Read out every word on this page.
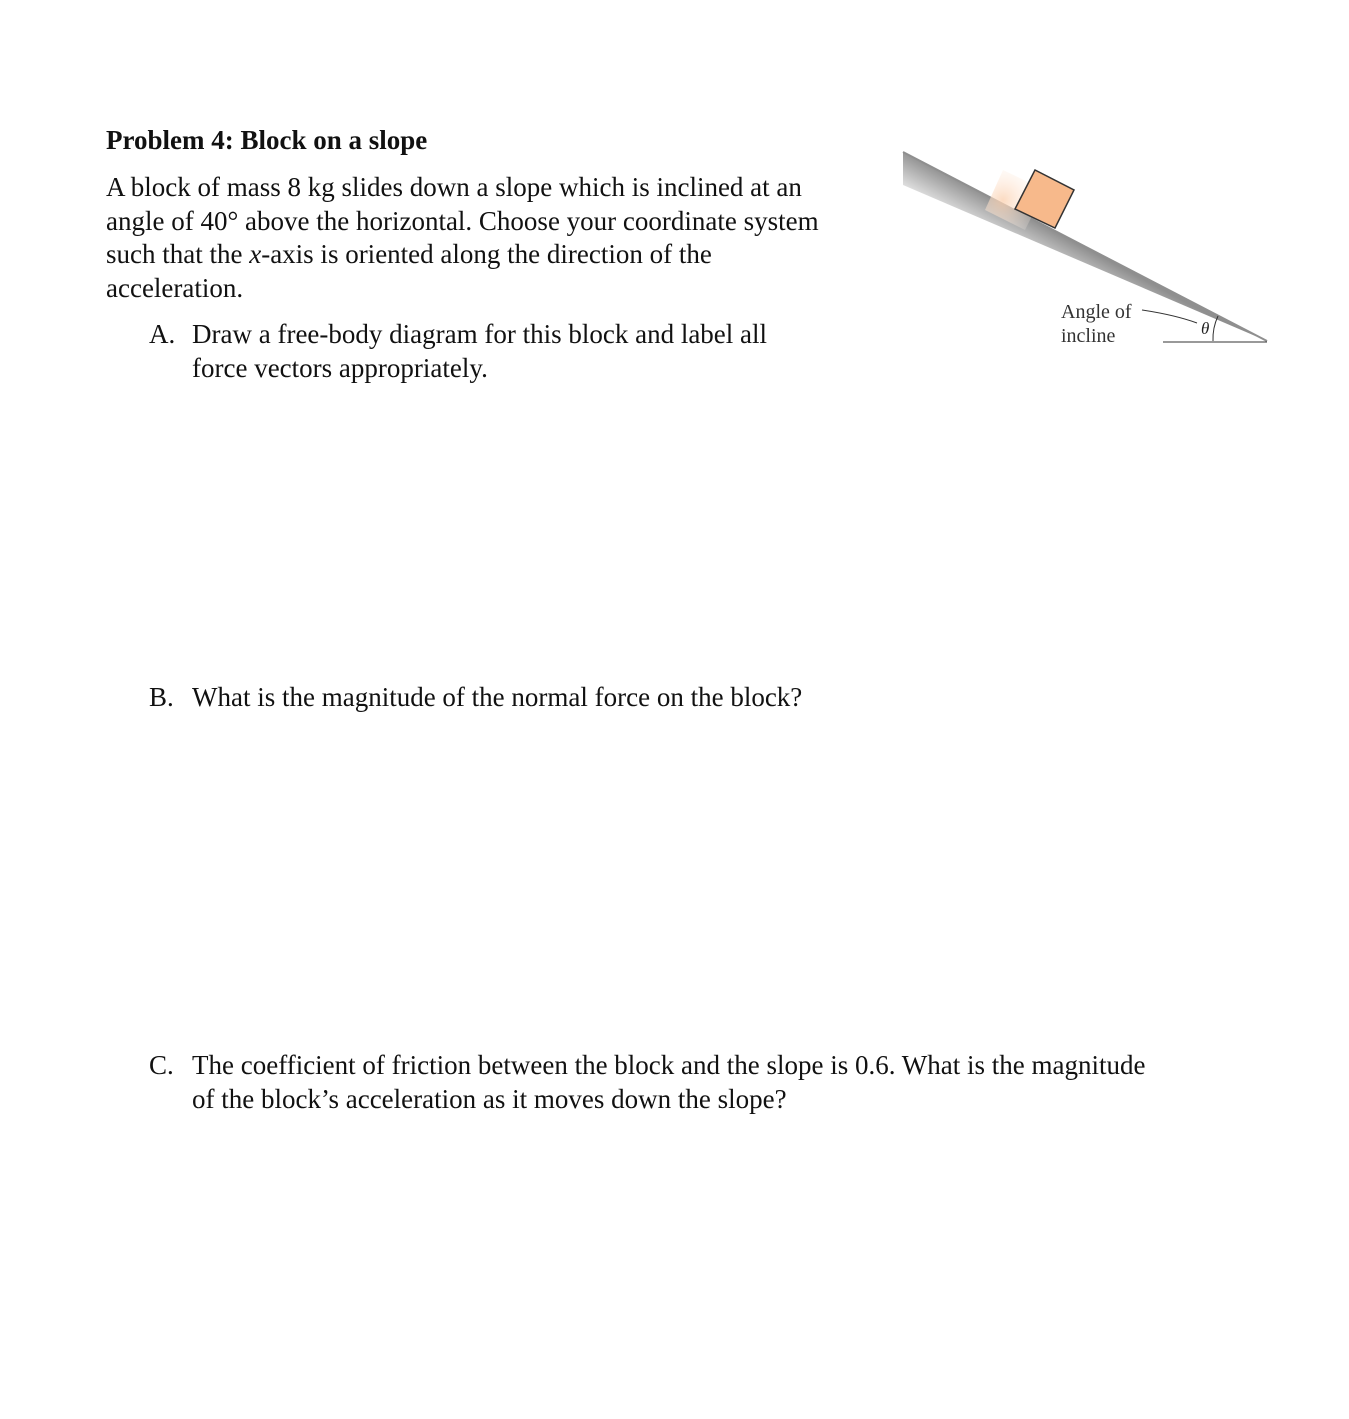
Problem 4: Block on a slope
A block of mass 8 kg slides down a slope which is inclined at an
angle of 40° above the horizontal. Choose your coordinate system
such that the x-axis is oriented along the direction of the
acceleration.
A. Draw a free-body diagram for this block and label all
force vectors appropriately.
B. What is the magnitude of the normal force on the block?
C. The coefficient of friction between the block and the slope is 0.6. What is the magnitude
of the block’s acceleration as it moves down the slope?
Angle of
incline	θ
